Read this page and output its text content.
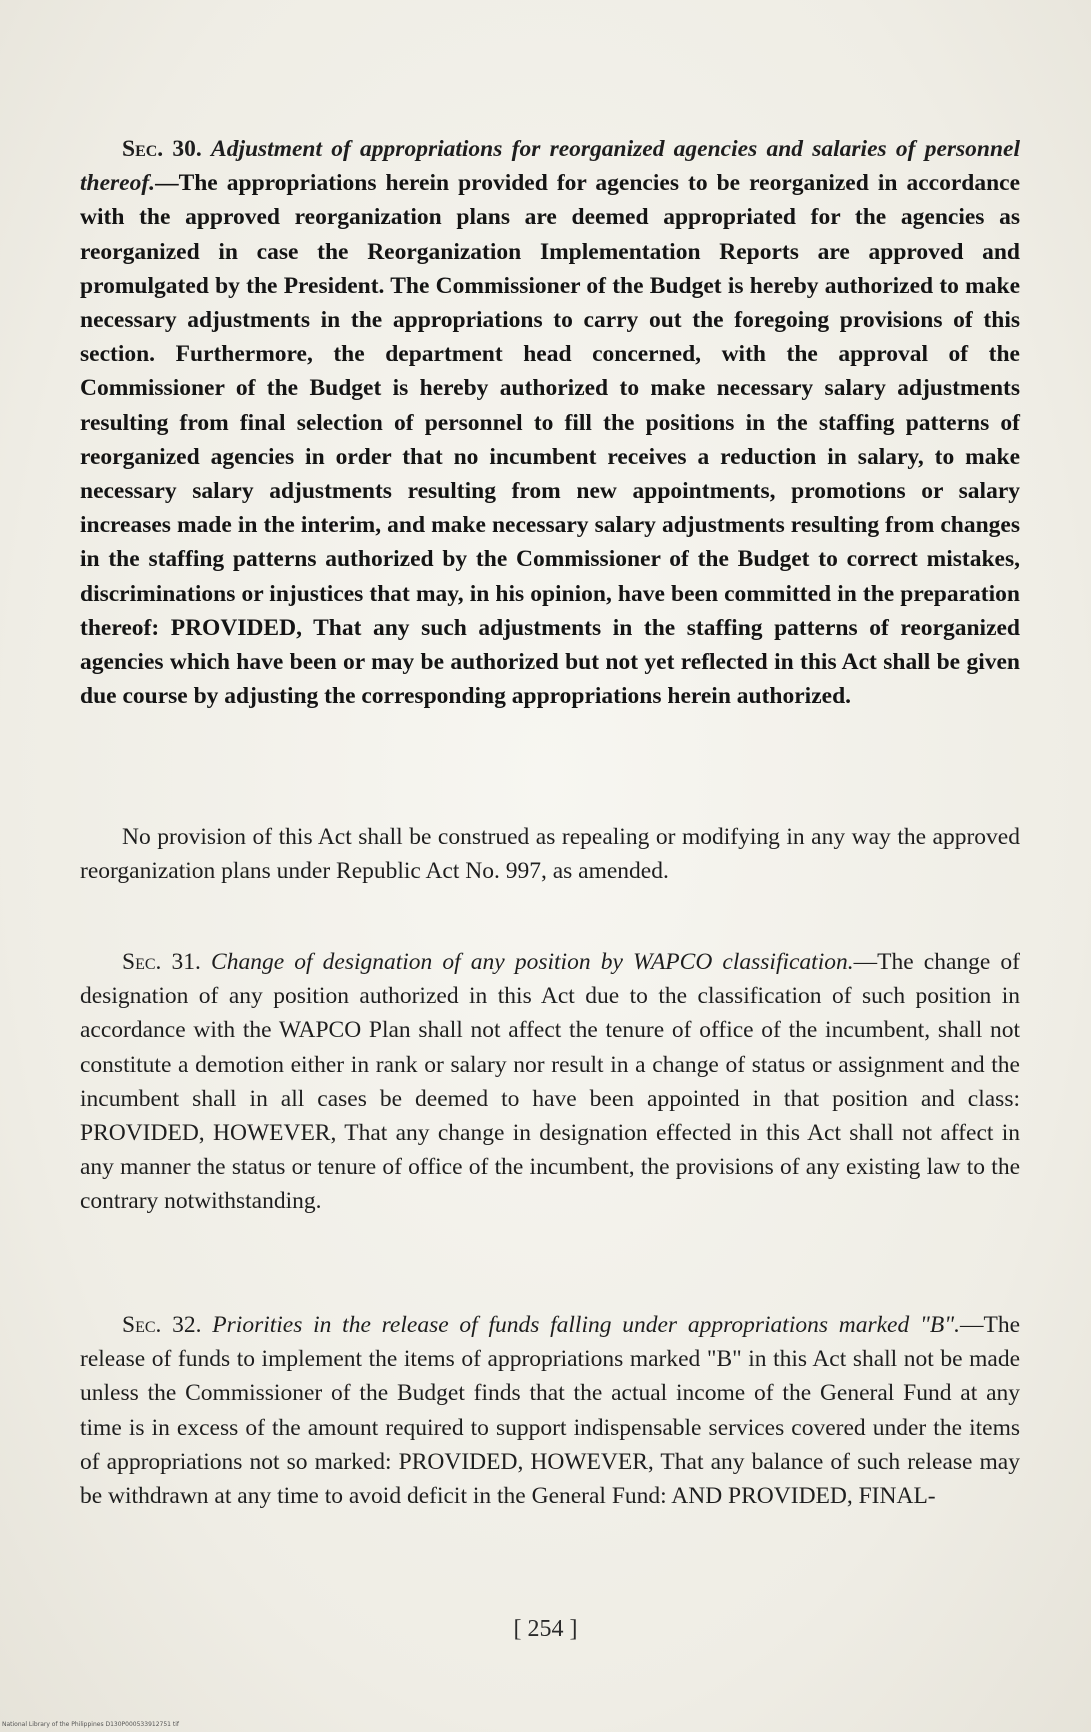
Sec. 30. Adjustment of appropriations for reorganized agencies and salaries of personnel thereof.—The appropriations herein provided for agencies to be reorganized in accordance with the approved reorganization plans are deemed appropriated for the agencies as reorganized in case the Reorganization Implementation Reports are approved and promulgated by the President. The Commissioner of the Budget is hereby authorized to make necessary adjustments in the appropriations to carry out the foregoing provisions of this section. Furthermore, the department head concerned, with the approval of the Commissioner of the Budget is hereby authorized to make necessary salary adjustments resulting from final selection of personnel to fill the positions in the staffing patterns of reorganized agencies in order that no incumbent receives a reduction in salary, to make necessary salary adjustments resulting from new appointments, promotions or salary increases made in the interim, and make necessary salary adjustments resulting from changes in the staffing patterns authorized by the Commissioner of the Budget to correct mistakes, discriminations or injustices that may, in his opinion, have been committed in the preparation thereof: PROVIDED, That any such adjustments in the staffing patterns of reorganized agencies which have been or may be authorized but not yet reflected in this Act shall be given due course by adjusting the corresponding appropriations herein authorized.

No provision of this Act shall be construed as repealing or modifying in any way the approved reorganization plans under Republic Act No. 997, as amended.

Sec. 31. Change of designation of any position by WAPCO classification.—The change of designation of any position authorized in this Act due to the classification of such position in accordance with the WAPCO Plan shall not affect the tenure of office of the incumbent, shall not constitute a demotion either in rank or salary nor result in a change of status or assignment and the incumbent shall in all cases be deemed to have been appointed in that position and class: PROVIDED, HOWEVER, That any change in designation effected in this Act shall not affect in any manner the status or tenure of office of the incumbent, the provisions of any existing law to the contrary notwithstanding.

Sec. 32. Priorities in the release of funds falling under appropriations marked "B".—The release of funds to implement the items of appropriations marked "B" in this Act shall not be made unless the Commissioner of the Budget finds that the actual income of the General Fund at any time is in excess of the amount required to support indispensable services covered under the items of appropriations not so marked: PROVIDED, HOWEVER, That any balance of such release may be withdrawn at any time to avoid deficit in the General Fund: AND PROVIDED, FINAL-

[ 254 ]
National Library of the Philippines D130P000533912751 tif
